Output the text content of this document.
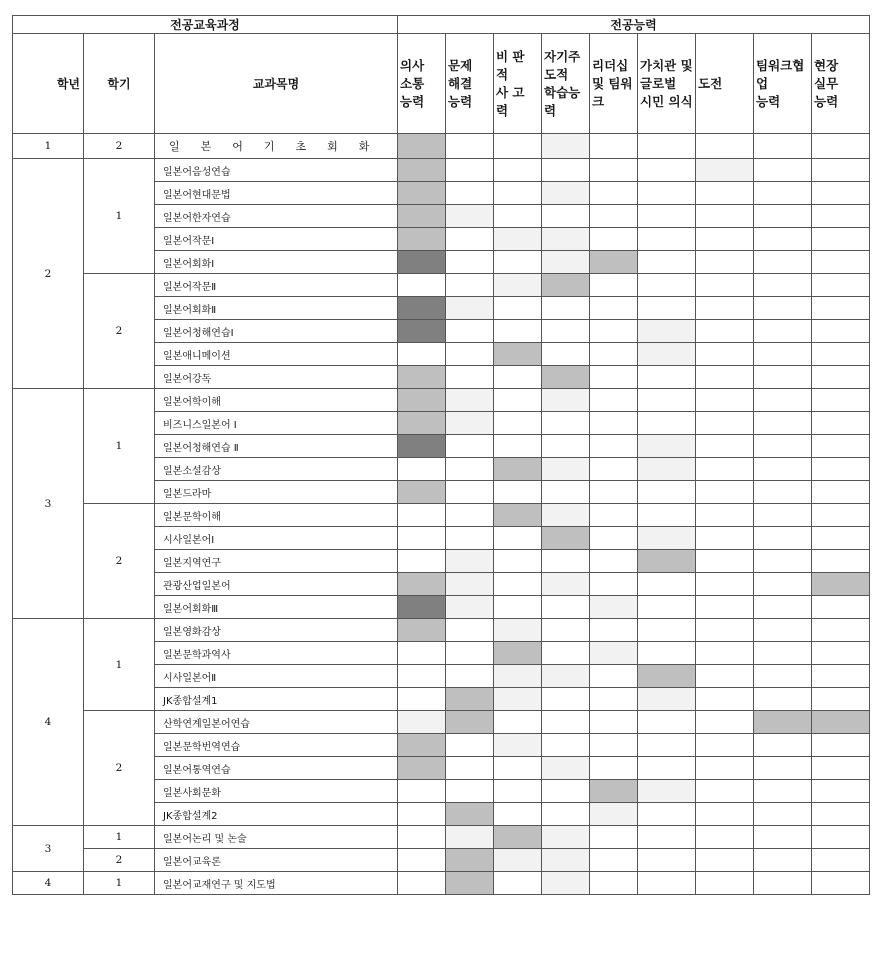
전공교육과정			전공능력								
학년	학기	교과목명	의사
소통
능력	문제
해결
능력	비 판
적
사 고
력	자기주
도적
학습능
력	리더십
및 팀워
크	가치관 및
글로벌
시민 의식	도전	팀워크협
업
능력	현장
실무
능력
1	2	일본어기초회화									
2	1	일본어음성연습									
		일본어현대문법									
		일본어한자연습									
		일본어작문Ⅰ									
		일본어회화Ⅰ									
	2	일본어작문Ⅱ									
		일본어회화Ⅱ									
		일본어청해연습Ⅰ									
		일본애니메이션									
		일본어강독									
3	1	일본어학이해									
		비즈니스일본어 Ⅰ									
		일본어청해연습 Ⅱ									
		일본소설감상									
		일본드라마									
	2	일본문학이해									
		시사일본어Ⅰ									
		일본지역연구									
		관광산업일본어									
		일본어회화Ⅲ									
4	1	일본영화감상									
		일본문학과역사									
		시사일본어Ⅱ									
		JK종합설계1									
	2	산학연계일본어연습									
		일본문학번역연습									
		일본어통역연습									
		일본사회문화									
		JK종합설계2									
3	1	일본어논리 및 논술									
	2	일본어교육론									
4	1	일본어교재연구 및 지도법									
